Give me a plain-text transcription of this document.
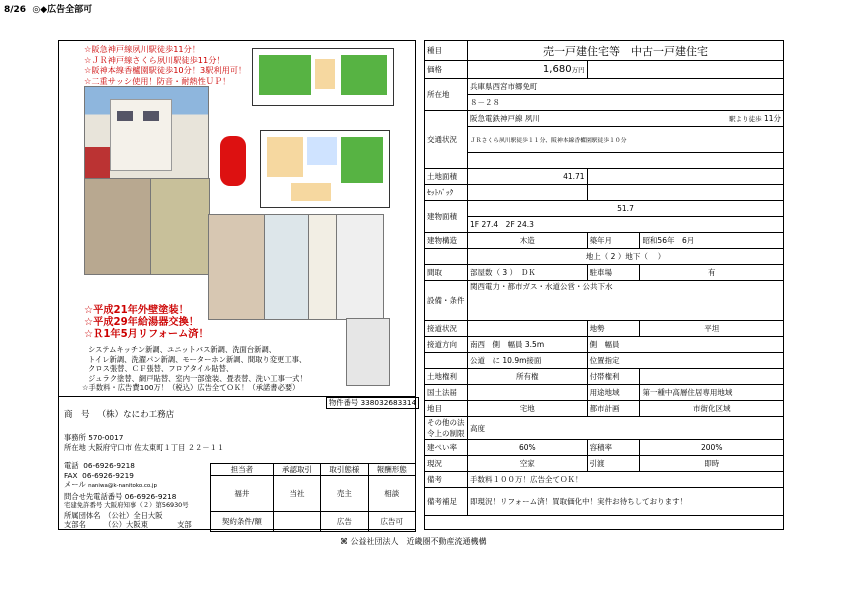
8/26 ◎◆広告全部可
☆阪急神戸線夙川駅徒歩11分！
☆ＪＲ神戸線さくら夙川駅徒歩11分！
☆阪神本線香櫨園駅徒歩10分！3駅利用可！
☆二重サッシ使用！防音・耐熱性ＵＰ！
☆平成21年外壁塗装！
☆平成29年給湯器交換！
☆Ｒ1年5月リフォーム済！
システムキッチン新調、ユニットバス新調、洗面台新調、
トイレ新調、洗濯パン新調、モーターホン新調、間取り変更工事、
クロス張替、ＣＦ張替、フロアタイル貼替、
ジュラク塗替、網戸貼替、室内一部塗装、畳表替、洗い工事一式！
☆手数料・広告費100万！（税込）広告全てＯＫ！（承諾書必要）
物件番号 338032683314
商　号 （株）なにわ工務店
事務所 570-0017
所在地 大阪府守口市 佐太東町１丁目 ２２－１１
電話 06-6926-9218
FAX 06-6926-9219
メール naniwa@k-nanitoko.co.jp
問合せ先電話番号 06-6926-9218
宅建免許番号 大阪府知事（２）第56930号
所属団体名　（公社）全日大阪
支部名　　　（公）大阪東　　　　支部
担当者	承認取引	取引態様	報酬形態
福井	当社	売主	相談
契約条件/額		広告	広告可
種目	売一戸建住宅等　中古一戸建住宅		
価格	1,680万円		
所在地	兵庫県西宮市郷免町		
	８－２８		
交通状況	阪急電鉄神戸線 夙川 駅より徒歩 11分		

	ＪＲさくら夙川駅徒歩１１分、阪神本線香櫨園駅徒歩１０分		

土地面積	41.71		
ｾｯﾄﾊﾞｯｸ			
建物面積	51.7		
	1F 27.4　2F 24.3		
建物構造	木造	築年月	昭和56年　6月
	地上（ 2 ）地下（　 ）		
間取	部屋数（ 3 ）　ＤＫ	駐車場	有
設備・条件	関西電力・都市ガス・水道公営・公共下水		
接道状況		地勢	平坦
接道方向	南西　側　幅員 3.5m	側　幅員	
	公道　に 10.9m接面	位置指定	
土地権利	所有権	付帯権利	
国土法届		用途地域	第一種中高層住居専用地域
地目	宅地	都市計画	市街化区域
その他の法令上の制限	高度		
建ぺい率	60%	容積率	200%
現況	空家	引渡	即時
備考	手数料１００万！広告全てＯＫ！		
備考補足	即現況！リフォーム済！買取価化中！実件お待ちしております！		
⌘ 公益社団法人　近畿圏不動産流通機構
